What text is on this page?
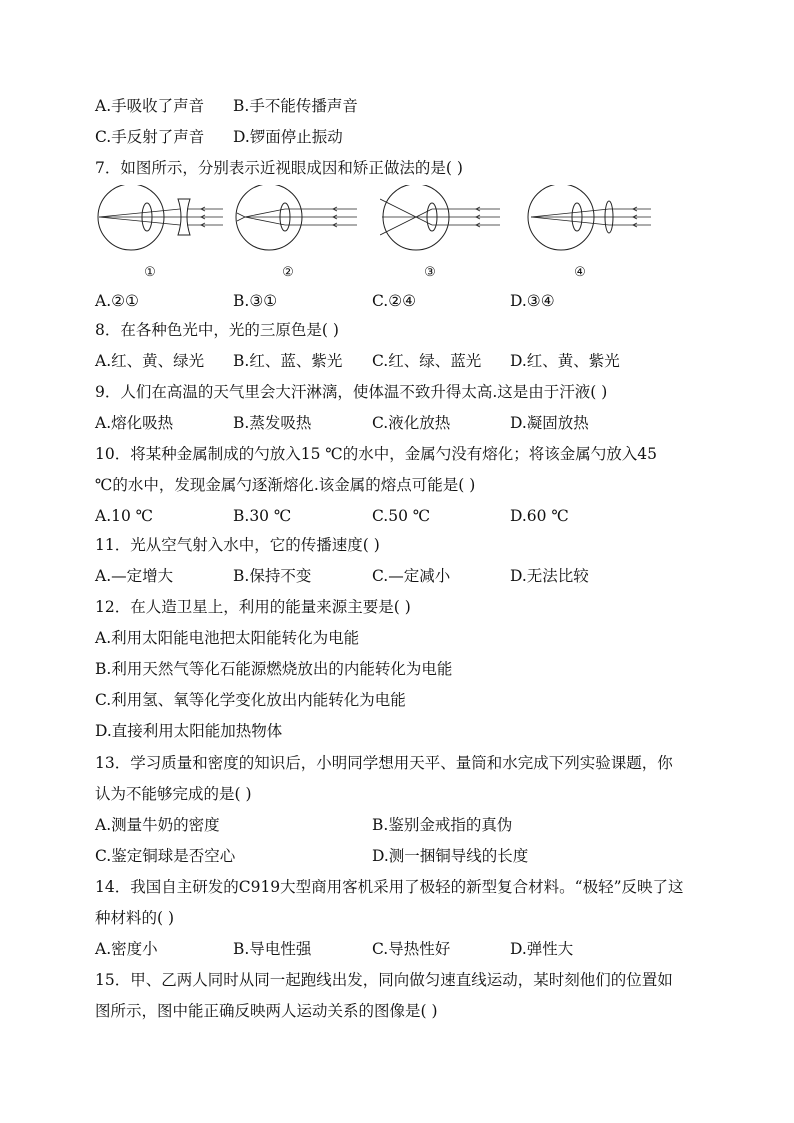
A.手吸收了声音 B.手不能传播声音
C.手反射了声音 D.锣面停止振动
7．如图所示，分别表示近视眼成因和矫正做法的是( )
①	②	③	④
A.②①	B.③①	C.②④	D.③④
8．在各种色光中，光的三原色是( )
A.红、黄、绿光 B.红、蓝、紫光 C.红、绿、蓝光 D.红、黄、紫光
9．人们在高温的天气里会大汗淋漓，使体温不致升得太高.这是由于汗液( )
A.熔化吸热	B.蒸发吸热	C.液化放热	D.凝固放热
10．将某种金属制成的勺放入15 ℃的水中，金属勺没有熔化；将该金属勺放入45
℃的水中，发现金属勺逐渐熔化.该金属的熔点可能是( )
A.10 ℃	B.30 ℃	C.50 ℃	D.60 ℃
11．光从空气射入水中，它的传播速度( )
A.—定增大	B.保持不变	C.—定减小	D.无法比较
12．在人造卫星上，利用的能量来源主要是( )
A.利用太阳能电池把太阳能转化为电能
B.利用天然气等化石能源燃烧放出的内能转化为电能
C.利用氢、氧等化学变化放出内能转化为电能
D.直接利用太阳能加热物体
13．学习质量和密度的知识后，小明同学想用天平、量筒和水完成下列实验课题，你
认为不能够完成的是( )
A.测量牛奶的密度	B.鉴别金戒指的真伪
C.鉴定铜球是否空心	D.测一捆铜导线的长度
14．我国自主研发的C919大型商用客机采用了极轻的新型复合材料。“极轻”反映了这
种材料的( )
A.密度小	B.导电性强	C.导热性好	D.弹性大
15．甲、乙两人同时从同一起跑线出发，同向做匀速直线运动，某时刻他们的位置如
图所示，图中能正确反映两人运动关系的图像是( )
